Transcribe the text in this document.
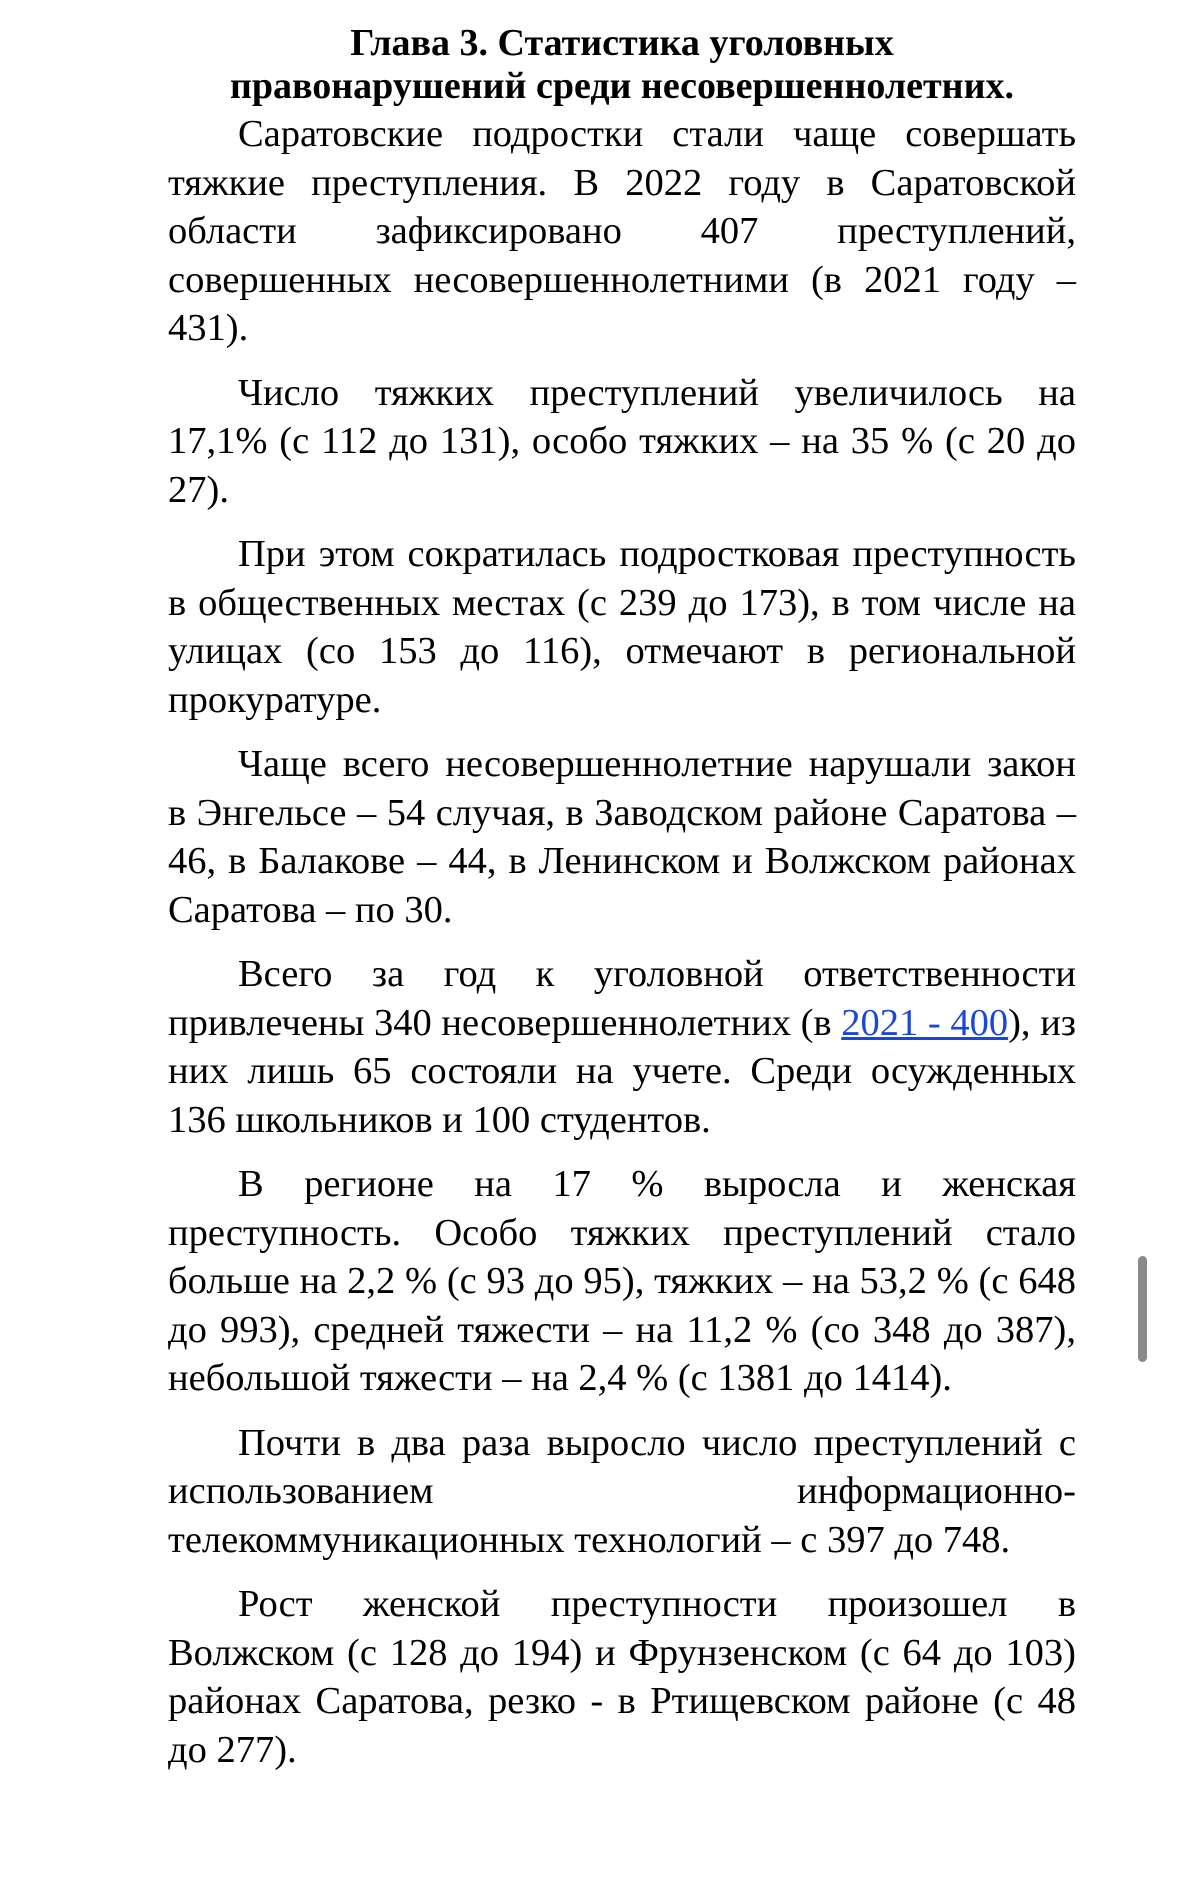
Глава 3. Статистика уголовных
правонарушений среди несовершеннолетних.

Саратовские подростки стали чаще совершать тяжкие преступления. В 2022 году в Саратовской области зафиксировано 407 преступлений, совершенных несовершеннолетними (в 2021 году – 431).

Число тяжких преступлений увеличилось на 17,1% (с 112 до 131), особо тяжких – на 35 % (с 20 до 27).

При этом сократилась подростковая преступность в общественных местах (с 239 до 173), в том числе на улицах (со 153 до 116), отмечают в региональной прокуратуре.

Чаще всего несовершеннолетние нарушали закон в Энгельсе – 54 случая, в Заводском районе Саратова – 46, в Балакове – 44, в Ленинском и Волжском районах Саратова – по 30.

Всего за год к уголовной ответственности привлечены 340 несовершеннолетних (в 2021 - 400), из них лишь 65 состояли на учете. Среди осужденных 136 школьников и 100 студентов.

В регионе на 17 % выросла и женская преступность. Особо тяжких преступлений стало больше на 2,2 % (с 93 до 95), тяжких – на 53,2 % (с 648 до 993), средней тяжести – на 11,2 % (со 348 до 387), небольшой тяжести – на 2,4 % (с 1381 до 1414).

Почти в два раза выросло число преступлений с использованием информационно-телекоммуникационных технологий – с 397 до 748.

Рост женской преступности произошел в Волжском (с 128 до 194) и Фрунзенском (с 64 до 103) районах Саратова, резко - в Ртищевском районе (с 48 до 277).
